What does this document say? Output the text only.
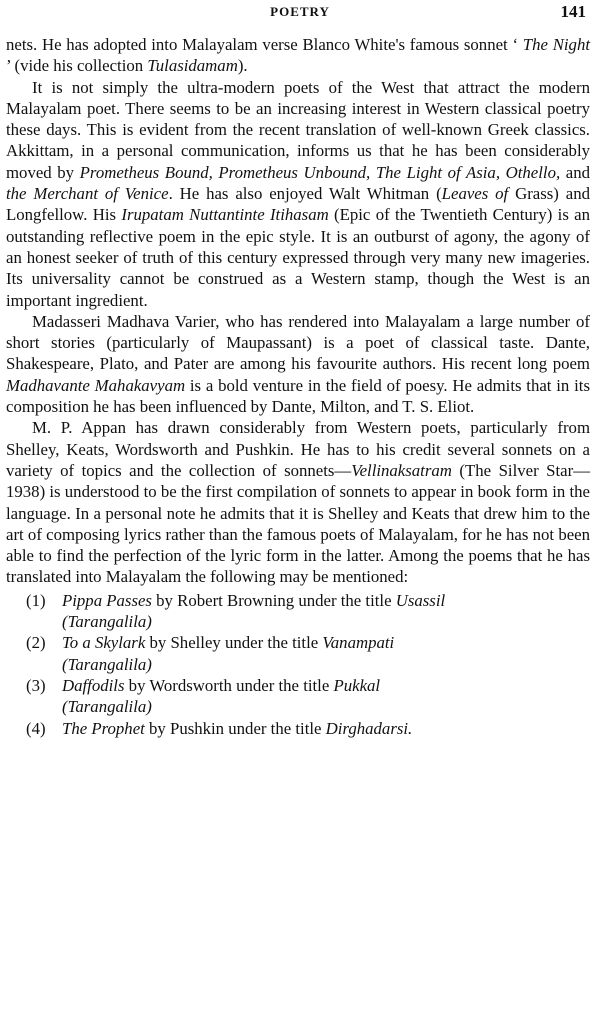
POETRY	141

nets. He has adopted into Malayalam verse Blanco White's famous sonnet ‘ The Night ’ (vide his collection Tulasidamam).

It is not simply the ultra-modern poets of the West that attract the modern Malayalam poet. There seems to be an increasing interest in Western classical poetry these days. This is evident from the recent translation of well-known Greek classics. Akkittam, in a personal communication, informs us that he has been considerably moved by Prometheus Bound, Prometheus Unbound, The Light of Asia, Othello, and the Merchant of Venice. He has also enjoyed Walt Whitman (Leaves of Grass) and Longfellow. His Irupatam Nuttantinte Itihasam (Epic of the Twentieth Century) is an outstanding reflective poem in the epic style. It is an outburst of agony, the agony of an honest seeker of truth of this century expressed through very many new imageries. Its universality cannot be construed as a Western stamp, though the West is an important ingredient.

Madasseri Madhava Varier, who has rendered into Malayalam a large number of short stories (particularly of Maupassant) is a poet of classical taste. Dante, Shakespeare, Plato, and Pater are among his favourite authors. His recent long poem Madhavante Mahakavyam is a bold venture in the field of poesy. He admits that in its composition he has been influenced by Dante, Milton, and T. S. Eliot.

M. P. Appan has drawn considerably from Western poets, particularly from Shelley, Keats, Wordsworth and Pushkin. He has to his credit several sonnets on a variety of topics and the collection of sonnets—Vellinaksatram (The Silver Star—1938) is understood to be the first compilation of sonnets to appear in book form in the language. In a personal note he admits that it is Shelley and Keats that drew him to the art of composing lyrics rather than the famous poets of Malayalam, for he has not been able to find the perfection of the lyric form in the latter. Among the poems that he has translated into Malayalam the following may be mentioned:

(1) Pippa Passes by Robert Browning under the title Usassil
(Tarangalila)
(2) To a Skylark by Shelley under the title Vanampati
(Tarangalila)
(3) Daffodils by Wordsworth under the title Pukkal
(Tarangalila)
(4) The Prophet by Pushkin under the title Dirghadarsi.
